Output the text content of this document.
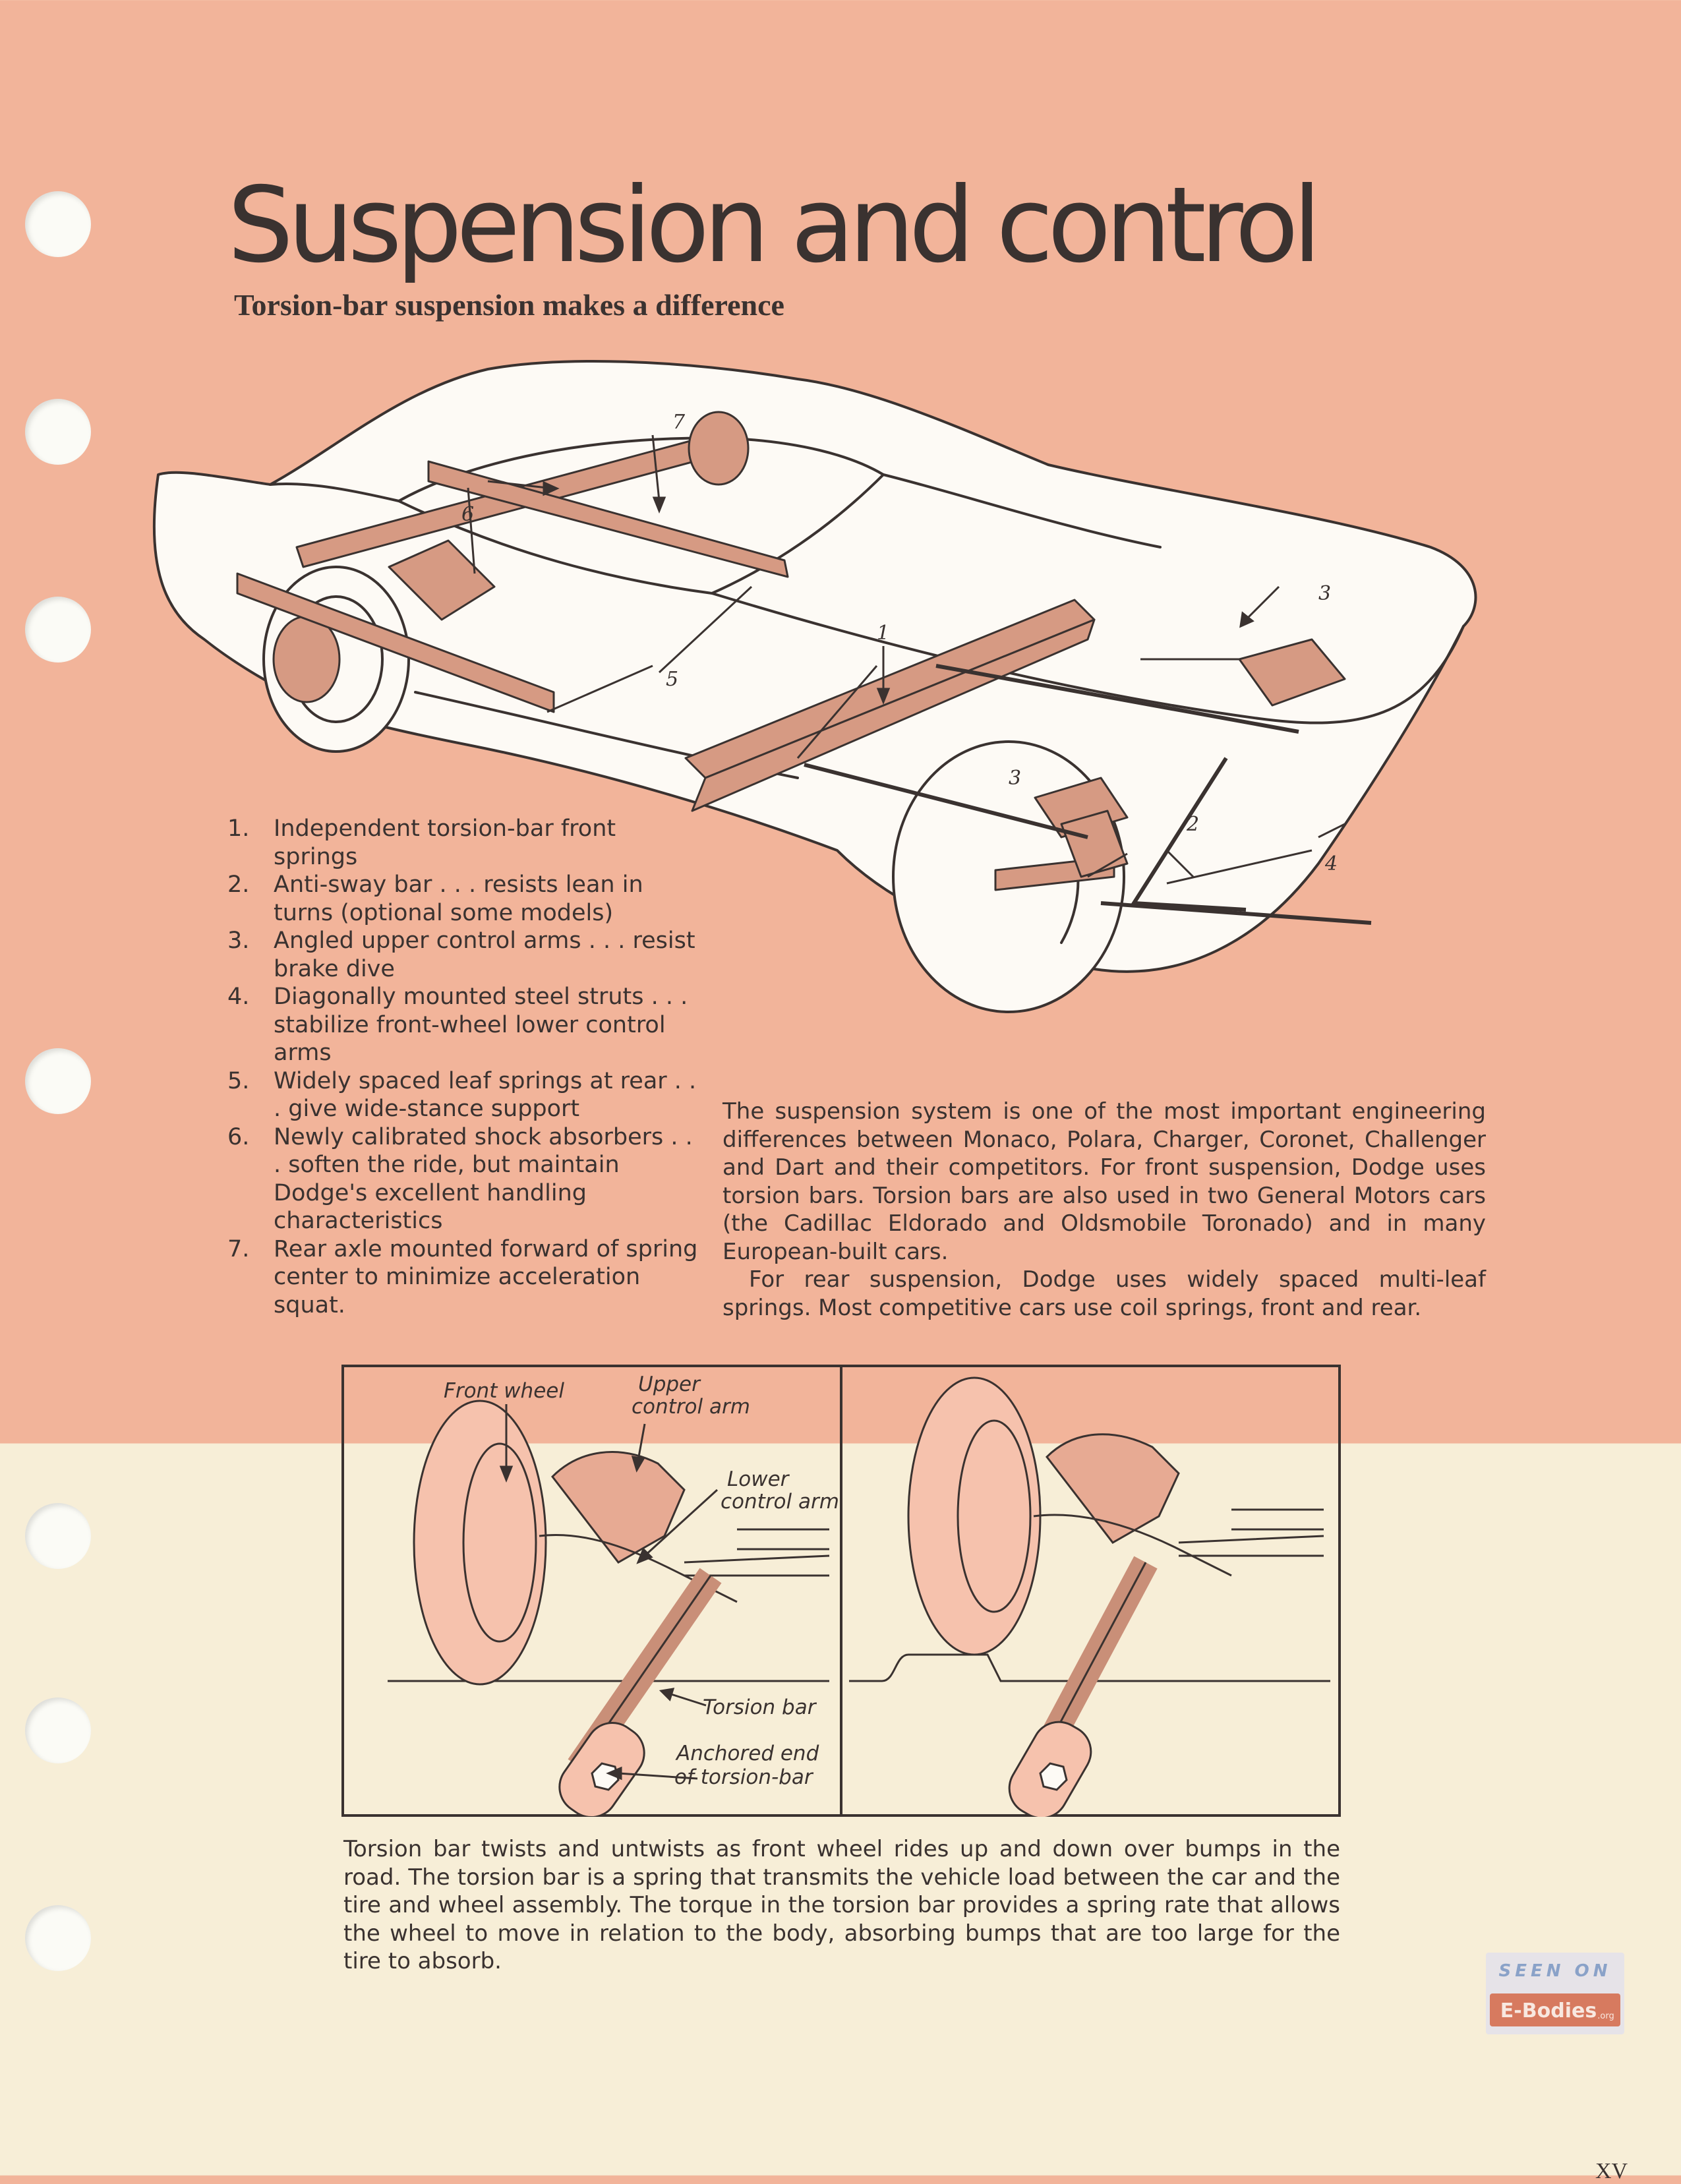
Suspension and control
Torsion-bar suspension makes a difference
1
2
3
3
4
5
6
7
1.	Independent torsion-bar front springs
2.	Anti-sway bar . . . resists lean in turns (optional some models)
3.	Angled upper control arms . . . resist brake dive
4.	Diagonally mounted steel struts . . . stabilize front-wheel lower control arms
5.	Widely spaced leaf springs at rear . . . give wide-stance support
6.	Newly calibrated shock absorbers . . . soften the ride, but maintain Dodge's excellent handling characteristics
7.	Rear axle mounted forward of spring center to minimize acceleration squat.

The suspension system is one of the most important engineering differences between Monaco, Polara, Charger, Coronet, Challenger and Dart and their competitors. For front suspension, Dodge uses torsion bars. Torsion bars are also used in two General Motors cars (the Cadillac Eldorado and Oldsmobile Toronado) and in many European-built cars.

For rear suspension, Dodge uses widely spaced multi-leaf springs. Most competitive cars use coil springs, front and rear.

Front wheel	Upper
control arm
Lower
control arm
Torsion bar
Anchored end
of torsion-bar
Torsion bar twists and untwists as front wheel rides up and down over bumps in the road. The torsion bar is a spring that transmits the vehicle load between the car and the tire and wheel assembly. The torque in the torsion bar provides a spring rate that allows the wheel to move in relation to the body, absorbing bumps that are too large for the tire to absorb.	SEEN ON
E-Bodies .org
XV
